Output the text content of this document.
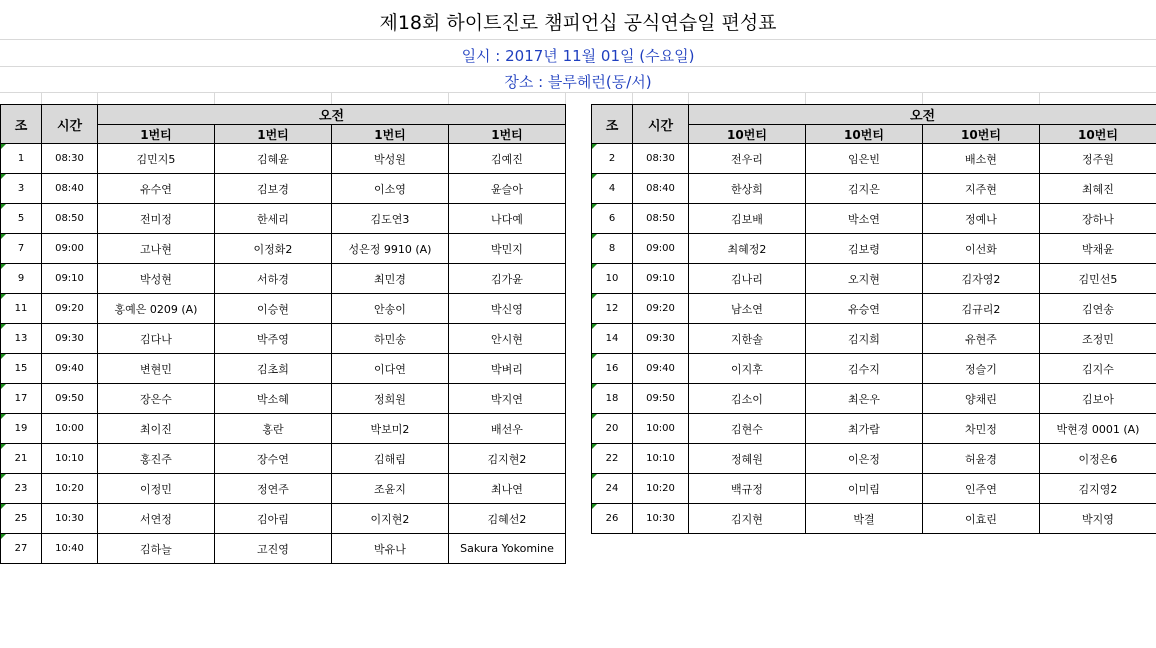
제18회 하이트진로 챔피언십 공식연습일 편성표
일시 : 2017년 11월 01일 (수요일)
장소 : 블루헤런(동/서)
조	시간	오전			
		1번티	1번티	1번티	1번티

1	08:30	김민지5	김혜윤	박성원	김예진

3	08:40	유수연	김보경	이소영	윤슬아

5	08:50	전미정	한세리	김도연3	나다예

7	09:00	고나현	이정화2	성은정 9910 (A)	박민지

9	09:10	박성현	서하경	최민경	김가윤

11	09:20	홍예은 0209 (A)	이승현	안송이	박신영

13	09:30	김다나	박주영	하민송	안시현

15	09:40	변현민	김초희	이다연	박벼리

17	09:50	장은수	박소혜	정희원	박지연

19	10:00	최이진	홍란	박보미2	배선우

21	10:10	홍진주	장수연	김해림	김지현2

23	10:20	이정민	정연주	조윤지	최나연

25	10:30	서연정	김아림	이지현2	김혜선2

27	10:40	김하늘	고진영	박유나	Sakura Yokomine
조	시간	오전			
		10번티	10번티	10번티	10번티

2	08:30	전우리	임은빈	배소현	정주원

4	08:40	한상희	김지은	지주현	최혜진

6	08:50	김보배	박소연	정예나	장하나

8	09:00	최혜정2	김보령	이선화	박채윤

10	09:10	김나리	오지현	김자영2	김민선5

12	09:20	남소연	유승연	김규리2	김연송

14	09:30	지한솔	김지희	유현주	조정민

16	09:40	이지후	김수지	정슬기	김지수

18	09:50	김소이	최은우	양채린	김보아

20	10:00	김현수	최가람	차민정	박현경 0001 (A)

22	10:10	정혜원	이은정	허윤경	이정은6

24	10:20	백규정	이미림	인주연	김지영2

26	10:30	김지현	박결	이효린	박지영
